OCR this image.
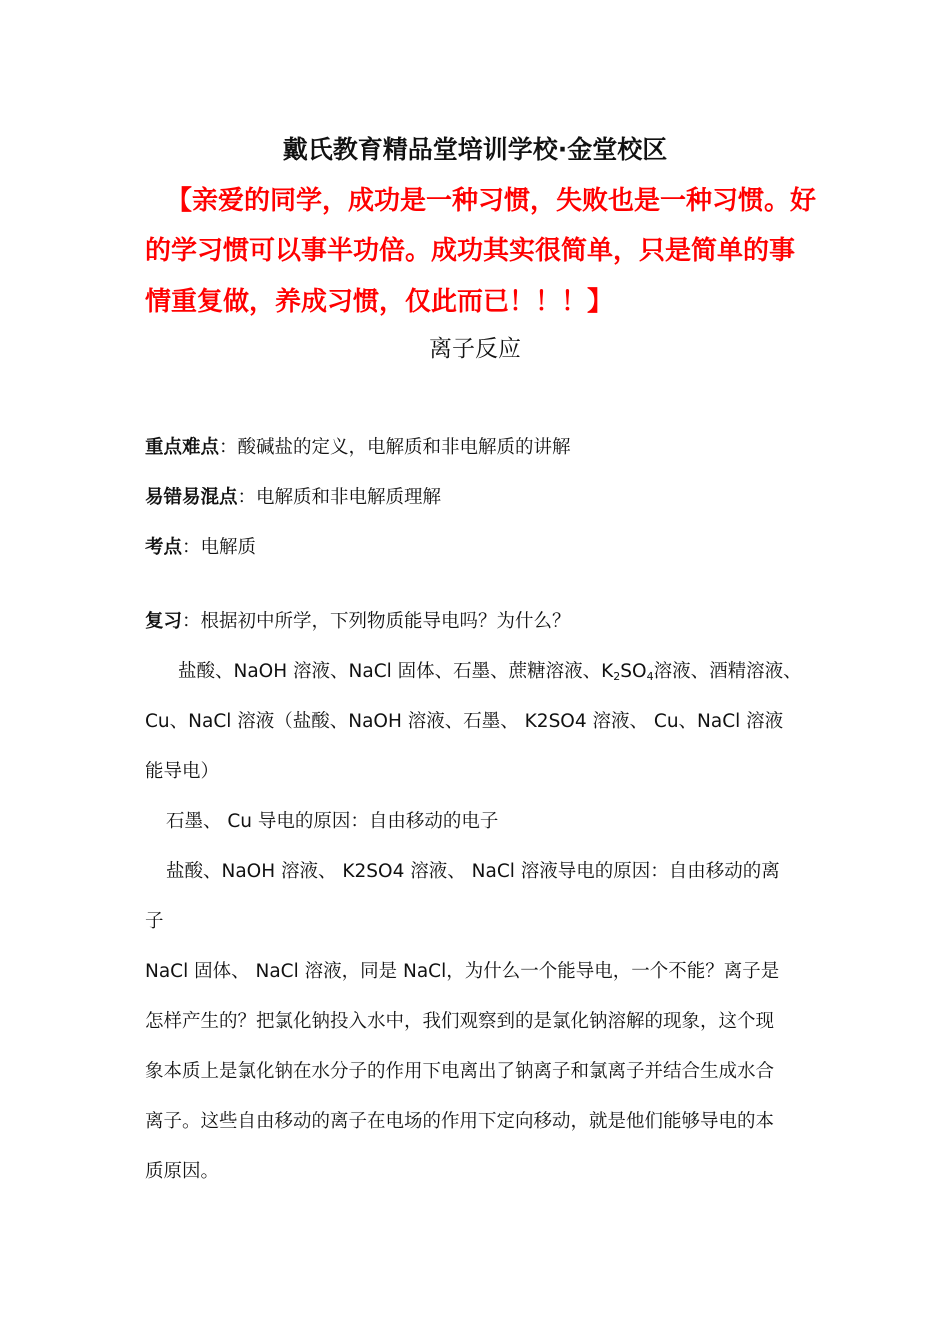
戴氏教育精品堂培训学校·金堂校区
【亲爱的同学，成功是一种习惯，失败也是一种习惯。好
的学习惯可以事半功倍。成功其实很简单，只是简单的事
情重复做，养成习惯，仅此而已！！！】
离子反应
重点难点：酸碱盐的定义，电解质和非电解质的讲解
易错易混点：电解质和非电解质理解
考点：电解质
复习：根据初中所学，下列物质能导电吗？为什么？
盐酸、NaOH 溶液、NaCl 固体、石墨、蔗糖溶液、$K_2SO_4$溶液、酒精溶液、
Cu、NaCl 溶液（盐酸、NaOH 溶液、石墨、 K2SO4 溶液、 Cu、NaCl 溶液
能导电）
石墨、 Cu 导电的原因：自由移动的电子
盐酸、NaOH 溶液、 K2SO4 溶液、 NaCl 溶液导电的原因：自由移动的离
子
NaCl 固体、 NaCl 溶液，同是 NaCl，为什么一个能导电，一个不能？离子是
怎样产生的？把氯化钠投入水中，我们观察到的是氯化钠溶解的现象，这个现
象本质上是氯化钠在水分子的作用下电离出了钠离子和氯离子并结合生成水合
离子。这些自由移动的离子在电场的作用下定向移动，就是他们能够导电的本
质原因。
